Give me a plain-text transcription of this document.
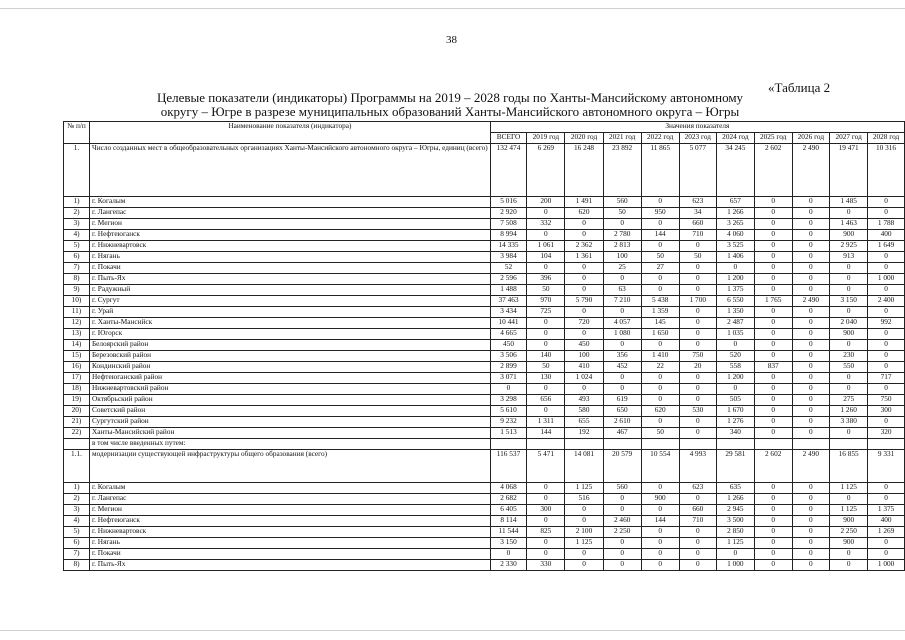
38
«Таблица 2
Целевые показатели (индикаторы) Программы на 2019 – 2028 годы по Ханты-Мансийскому автономному
округу – Югре в разрезе муниципальных образований Ханты-Мансийского автономного округа – Югры
№ п/п	Наименование показателя (индикатора)	Значения показателя										
		ВСЕГО	2019 год	2020 год	2021 год	2022 год	2023 год	2024 год	2025 год	2026 год	2027 год	2028 год
1.	Число созданных мест в общеобразовательных организациях Ханты-Мансийского автономного округа – Югры, единиц (всего)	132 474	6 269	16 248	23 892	11 865	5 077	34 245	2 602	2 490	19 471	10 316
1)	г. Когалым	5 016	200	1 491	560	0	623	657	0	0	1 485	0
2)	г. Лангепас	2 920	0	620	50	950	34	1 266	0	0	0	0
3)	г. Мегион	7 508	332	0	0	0	660	3 265	0	0	1 463	1 788
4)	г. Нефтеюганск	8 994	0	0	2 780	144	710	4 060	0	0	900	400
5)	г. Нижневартовск	14 335	1 061	2 362	2 813	0	0	3 525	0	0	2 925	1 649
6)	г. Нягань	3 984	104	1 361	100	50	50	1 406	0	0	913	0
7)	г. Покачи	52	0	0	25	27	0	0	0	0	0	0
8)	г. Пыть-Ях	2 596	396	0	0	0	0	1 200	0	0	0	1 000
9)	г. Радужный	1 488	50	0	63	0	0	1 375	0	0	0	0
10)	г. Сургут	37 463	970	5 790	7 210	5 438	1 700	6 550	1 765	2 490	3 150	2 400
11)	г. Урай	3 434	725	0	0	1 359	0	1 350	0	0	0	0
12)	г. Ханты-Мансийск	10 441	0	720	4 057	145	0	2 487	0	0	2 040	992
13)	г. Югорск	4 665	0	0	1 080	1 650	0	1 035	0	0	900	0
14)	Белоярский район	450	0	450	0	0	0	0	0	0	0	0
15)	Березовский район	3 506	140	100	356	1 410	750	520	0	0	230	0
16)	Кондинский район	2 899	50	410	452	22	20	558	837	0	550	0
17)	Нефтеюганский район	3 071	130	1 024	0	0	0	1 200	0	0	0	717
18)	Нижневартовский район	0	0	0	0	0	0	0	0	0	0	0
19)	Октябрьский район	3 298	656	493	619	0	0	505	0	0	275	750
20)	Советский район	5 610	0	580	650	620	530	1 670	0	0	1 260	300
21)	Сургутский район	9 232	1 311	655	2 610	0	0	1 276	0	0	3 380	0
22)	Ханты-Мансийский район	1 513	144	192	467	50	0	340	0	0	0	320
	в том числе введенных путем:											
1.1.	модернизации существующей инфраструктуры общего образования (всего)	116 537	5 471	14 081	20 579	10 554	4 993	29 581	2 602	2 490	16 855	9 331
1)	г. Когалым	4 068	0	1 125	560	0	623	635	0	0	1 125	0
2)	г. Лангепас	2 682	0	516	0	900	0	1 266	0	0	0	0
3)	г. Мегион	6 405	300	0	0	0	660	2 945	0	0	1 125	1 375
4)	г. Нефтеюганск	8 114	0	0	2 460	144	710	3 500	0	0	900	400
5)	г. Нижневартовск	11 544	825	2 100	2 250	0	0	2 850	0	0	2 250	1 269
6)	г. Нягань	3 150	0	1 125	0	0	0	1 125	0	0	900	0
7)	г. Покачи	0	0	0	0	0	0	0	0	0	0	0
8)	г. Пыть-Ях	2 330	330	0	0	0	0	1 000	0	0	0	1 000
